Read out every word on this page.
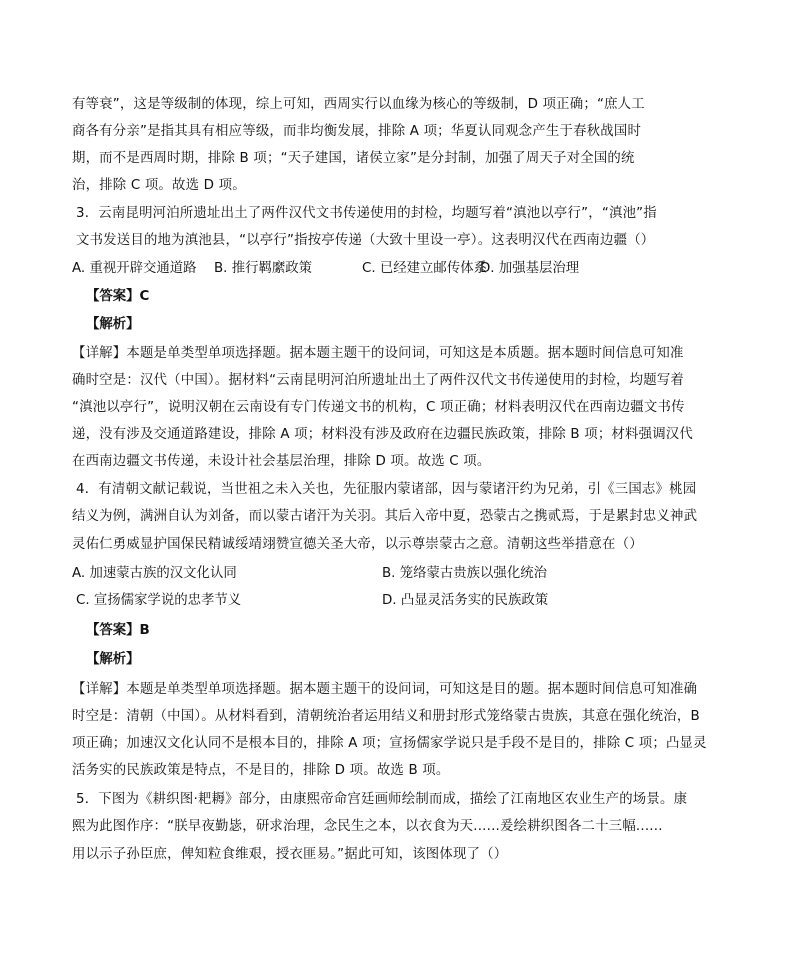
有等衰”，这是等级制的体现，综上可知，西周实行以血缘为核心的等级制，D 项正确；“庶人工
商各有分亲”是指其具有相应等级，而非均衡发展，排除 A 项；华夏认同观念产生于春秋战国时
期，而不是西周时期，排除 B 项；“天子建国，诸侯立家”是分封制，加强了周天子对全国的统
治，排除 C 项。故选 D 项。
3．云南昆明河泊所遗址出土了两件汉代文书传递使用的封检，均题写着“滇池以亭行”，“滇池”指
文书发送目的地为滇池县，“以亭行”指按亭传递（大致十里设一亭）。这表明汉代在西南边疆（）
A. 重视开辟交通道路 B. 推行羁縻政策	C. 已经建立邮传体系
D. 加强基层治理
【答案】C
【解析】
【详解】本题是单类型单项选择题。据本题主题干的设问词，可知这是本质题。据本题时间信息可知准
确时空是：汉代（中国）。据材料“云南昆明河泊所遗址出土了两件汉代文书传递使用的封检，均题写着
“滇池以亭行”，说明汉朝在云南设有专门传递文书的机构，C 项正确；材料表明汉代在西南边疆文书传
递，没有涉及交通道路建设，排除 A 项；材料没有涉及政府在边疆民族政策，排除 B 项；材料强调汉代
在西南边疆文书传递，未设计社会基层治理，排除 D 项。故选 C 项。
4．有清朝文献记载说，当世祖之未入关也，先征服内蒙诸部，因与蒙诸汗约为兄弟，引《三国志》桃园
结义为例，满洲自认为刘备，而以蒙古诸汗为关羽。其后入帝中夏，恐蒙古之携贰焉，于是累封忠义神武
灵佑仁勇威显护国保民精诚绥靖翊赞宣德关圣大帝，以示尊崇蒙古之意。清朝这些举措意在（）
A. 加速蒙古族的汉文化认同	B. 笼络蒙古贵族以强化统治
C. 宣扬儒家学说的忠孝节义	D. 凸显灵活务实的民族政策
【答案】B
【解析】
【详解】本题是单类型单项选择题。据本题主题干的设问词，可知这是目的题。据本题时间信息可知准确
时空是：清朝（中国）。从材料看到，清朝统治者运用结义和册封形式笼络蒙古贵族，其意在强化统治，B
项正确；加速汉文化认同不是根本目的，排除 A 项；宣扬儒家学说只是手段不是目的，排除 C 项；凸显灵
活务实的民族政策是特点，不是目的，排除 D 项。故选 B 项。
5．下图为《耕织图·耙耨》部分，由康熙帝命宫廷画师绘制而成，描绘了江南地区农业生产的场景。康
熙为此图作序：“朕早夜勤毖，研求治理，念民生之本，以衣食为天......爰绘耕织图各二十三幅......
用以示子孙臣庶，俾知粒食维艰，授衣匪易。”据此可知，该图体现了（）
